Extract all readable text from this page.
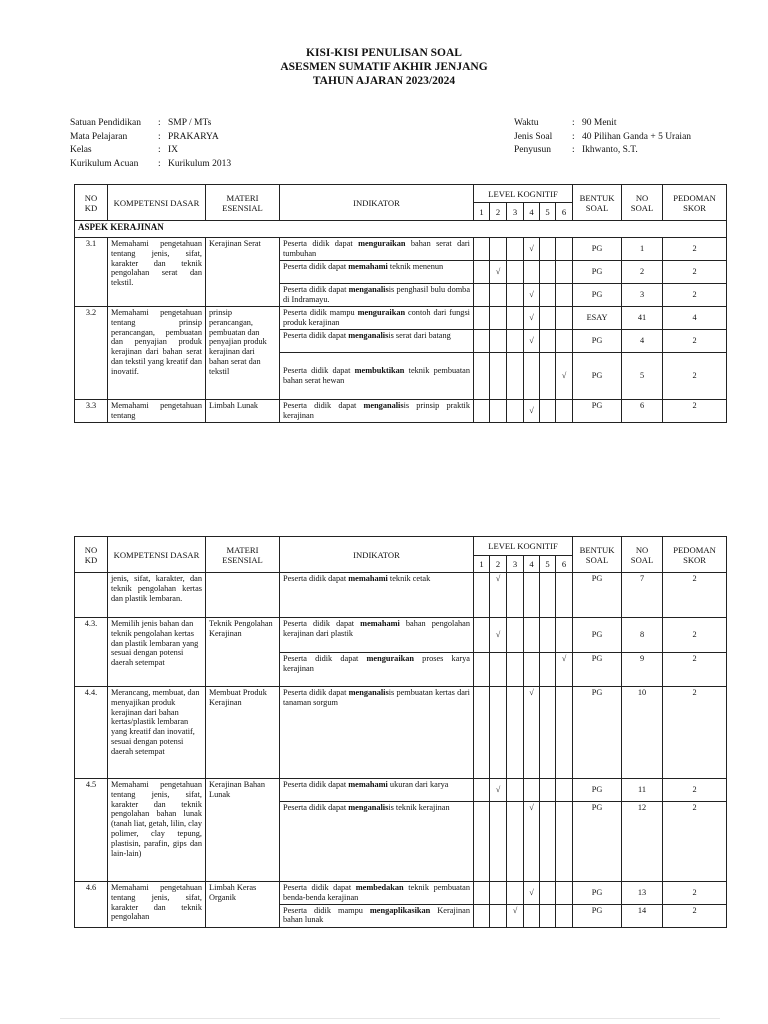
KISI-KISI PENULISAN SOAL
ASESMEN SUMATIF AKHIR JENJANG
TAHUN AJARAN 2023/2024
Satuan Pendidikan	: SMP / MTs
Mata Pelajaran	: PRAKARYA
Kelas	: IX
Kurikulum Acuan	: Kurikulum 2013
Waktu	: 90 Menit
Jenis Soal	: 40 Pilihan Ganda + 5 Uraian
Penyusun	: Ikhwanto, S.T.
NO KD	KOMPETENSI DASAR	MATERI ESENSIAL	INDIKATOR	LEVEL KOGNITIF						BENTUK SOAL	NO SOAL	PEDOMAN SKOR
				1	2	3	4	5	6			
ASPEK KERAJINAN												
3.1	Memahami pengetahuan tentang jenis, sifat, karakter dan teknik pengolahan serat dan tekstil.	Kerajinan Serat	Peserta didik dapat menguraikan bahan serat dari tumbuhan				√			PG	1	2
			Peserta didik dapat memahami teknik menenun		√					PG	2	2
			Peserta didik dapat menganalisis penghasil bulu domba di Indramayu.				√			PG	3	2
3.2	Memahami pengetahuan tentang prinsip perancangan, pembuatan dan penyajian produk kerajinan dari bahan serat dan tekstil yang kreatif dan inovatif.	prinsip perancangan, pembuatan dan penyajian produk kerajinan dari bahan serat dan tekstil	Peserta didik mampu menguraikan contoh dari fungsi produk kerajinan				√			ESAY	41	4
			Peserta didik dapat menganalisis serat dari batang				√			PG	4	2
			Peserta didik dapat membuktikan teknik pembuatan bahan serat hewan						√	PG	5	2
3.3	Memahami pengetahuan tentang	Limbah Lunak	Peserta didik dapat menganalisis prinsip praktik kerajinan				√			PG	6	2
NO KD	KOMPETENSI DASAR	MATERI ESENSIAL	INDIKATOR	LEVEL KOGNITIF						BENTUK SOAL	NO SOAL	PEDOMAN SKOR
				1	2	3	4	5	6			
	jenis, sifat, karakter, dan teknik pengolahan kertas dan plastik lembaran.		Peserta didik dapat memahami teknik cetak		√					PG	7	2
4.3.	Memilih jenis bahan dan teknik pengolahan kertas dan plastik lembaran yang sesuai dengan potensi daerah setempat	Teknik Pengolahan Kerajinan	Peserta didik dapat memahami bahan pengolahan kerajinan dari plastik		√					PG	8	2
			Peserta didik dapat menguraikan proses karya kerajinan						√	PG	9	2
4.4.	Merancang, membuat, dan menyajikan produk kerajinan dari bahan kertas/plastik lembaran yang kreatif dan inovatif, sesuai dengan potensi daerah setempat	Membuat Produk Kerajinan	Peserta didik dapat menganalisis pembuatan kertas dari tanaman sorgum				√			PG	10	2
4.5	Memahami pengetahuan tentang jenis, sifat, karakter dan teknik pengolahan bahan lunak (tanah liat, getah, lilin, clay polimer, clay tepung, plastisin, parafin, gips dan lain-lain)	Kerajinan Bahan Lunak	Peserta didik dapat memahami ukuran dari karya		√					PG	11	2
			Peserta didik dapat menganalisis teknik kerajinan				√			PG	12	2
4.6	Memahami pengetahuan tentang jenis, sifat, karakter dan teknik pengolahan	Limbah Keras Organik	Peserta didik dapat membedakan teknik pembuatan benda-benda kerajinan				√			PG	13	2
			Peserta didik mampu mengaplikasikan Kerajinan bahan lunak			√				PG	14	2
